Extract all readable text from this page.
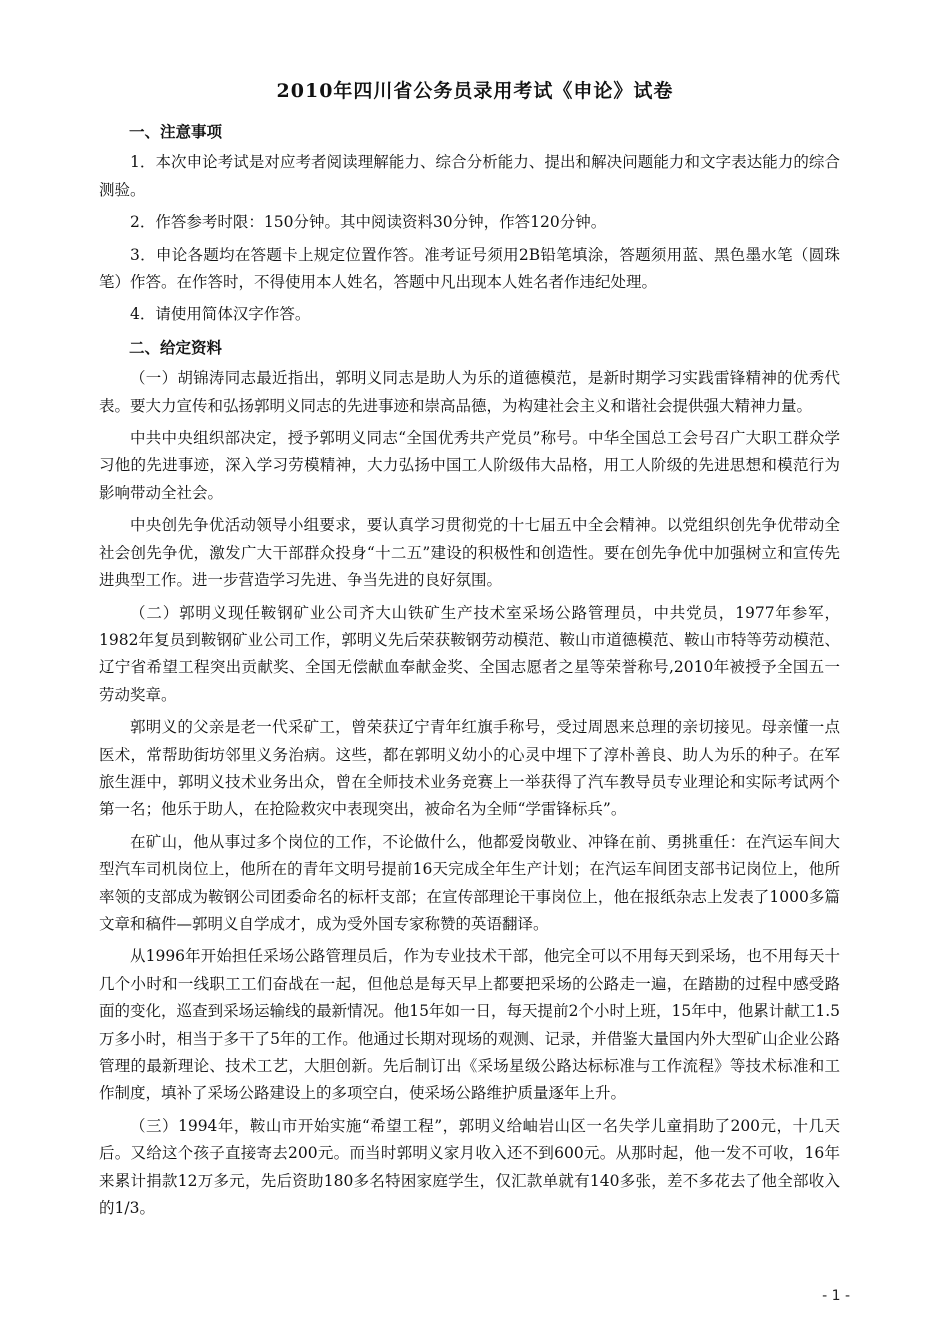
2010年四川省公务员录用考试《申论》试卷
一、注意事项

1．本次申论考试是对应考者阅读理解能力、综合分析能力、提出和解决问题能力和文字表达能力的综合测验。

2．作答参考时限：150分钟。其中阅读资料30分钟，作答120分钟。

3．申论各题均在答题卡上规定位置作答。准考证号须用2B铅笔填涂，答题须用蓝、黑色墨水笔（圆珠笔）作答。在作答时，不得使用本人姓名，答题中凡出现本人姓名者作违纪处理。

4．请使用简体汉字作答。

二、给定资料

（一）胡锦涛同志最近指出，郭明义同志是助人为乐的道德模范，是新时期学习实践雷锋精神的优秀代表。要大力宣传和弘扬郭明义同志的先进事迹和崇高品德，为构建社会主义和谐社会提供强大精神力量。

中共中央组织部决定，授予郭明义同志“全国优秀共产党员”称号。中华全国总工会号召广大职工群众学习他的先进事迹，深入学习劳模精神，大力弘扬中国工人阶级伟大品格，用工人阶级的先进思想和模范行为影响带动全社会。

中央创先争优活动领导小组要求，要认真学习贯彻党的十七届五中全会精神。以党组织创先争优带动全社会创先争优，激发广大干部群众投身“十二五”建设的积极性和创造性。要在创先争优中加强树立和宣传先进典型工作。进一步营造学习先进、争当先进的良好氛围。

（二）郭明义现任鞍钢矿业公司齐大山铁矿生产技术室采场公路管理员，中共党员，1977年参军，1982年复员到鞍钢矿业公司工作，郭明义先后荣获鞍钢劳动模范、鞍山市道德模范、鞍山市特等劳动模范、辽宁省希望工程突出贡献奖、全国无偿献血奉献金奖、全国志愿者之星等荣誉称号,2010年被授予全国五一劳动奖章。

郭明义的父亲是老一代采矿工，曾荣获辽宁青年红旗手称号，受过周恩来总理的亲切接见。母亲懂一点医术，常帮助街坊邻里义务治病。这些，都在郭明义幼小的心灵中埋下了淳朴善良、助人为乐的种子。在军旅生涯中，郭明义技术业务出众，曾在全师技术业务竞赛上一举获得了汽车教导员专业理论和实际考试两个第一名；他乐于助人，在抢险救灾中表现突出，被命名为全师“学雷锋标兵”。

在矿山，他从事过多个岗位的工作，不论做什么，他都爱岗敬业、冲锋在前、勇挑重任：在汽运车间大型汽车司机岗位上，他所在的青年文明号提前16天完成全年生产计划；在汽运车间团支部书记岗位上，他所率领的支部成为鞍钢公司团委命名的标杆支部；在宣传部理论干事岗位上，他在报纸杂志上发表了1000多篇文章和稿件—郭明义自学成才，成为受外国专家称赞的英语翻译。

从1996年开始担任采场公路管理员后，作为专业技术干部，他完全可以不用每天到采场，也不用每天十几个小时和一线职工工们奋战在一起，但他总是每天早上都要把采场的公路走一遍，在踏勘的过程中感受路面的变化，巡查到采场运输线的最新情况。他15年如一日，每天提前2个小时上班，15年中，他累计献工1.5万多小时，相当于多干了5年的工作。他通过长期对现场的观测、记录，并借鉴大量国内外大型矿山企业公路管理的最新理论、技术工艺，大胆创新。先后制订出《采场星级公路达标标准与工作流程》等技术标准和工作制度，填补了采场公路建设上的多项空白，使采场公路维护质量逐年上升。

（三）1994年，鞍山市开始实施“希望工程”，郭明义给岫岩山区一名失学儿童捐助了200元，十几天后。又给这个孩子直接寄去200元。而当时郭明义家月收入还不到600元。从那时起，他一发不可收，16年来累计捐款12万多元，先后资助180多名特困家庭学生，仅汇款单就有140多张，差不多花去了他全部收入的1/3。

- 1 -
